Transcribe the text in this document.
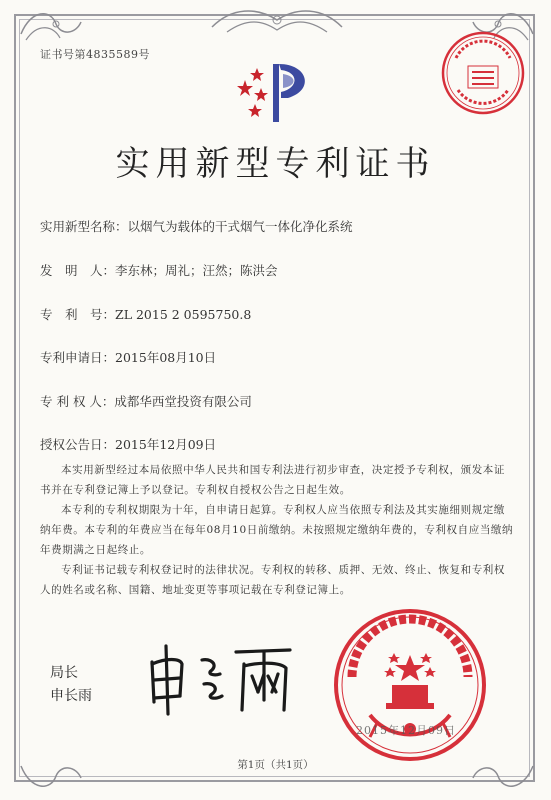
证书号第4835589号
实用新型专利证书
实用新型名称：以烟气为载体的干式烟气一体化净化系统
发　明　人：李东林；周礼；汪然；陈洪会
专　利　号：ZL 2015 2 0595750.8
专利申请日：2015年08月10日
专 利 权 人：成都华西堂投资有限公司
授权公告日：2015年12月09日

本实用新型经过本局依照中华人民共和国专利法进行初步审查，决定授予专利权，颁发本证书并在专利登记簿上予以登记。专利权自授权公告之日起生效。

本专利的专利权期限为十年，自申请日起算。专利权人应当依照专利法及其实施细则规定缴纳年费。本专利的年费应当在每年08月10日前缴纳。未按照规定缴纳年费的，专利权自应当缴纳年费期满之日起终止。

专利证书记载专利权登记时的法律状况。专利权的转移、质押、无效、终止、恢复和专利权人的姓名或名称、国籍、地址变更等事项记载在专利登记簿上。

局长
申长雨
2015年12月09日
第1页（共1页）
